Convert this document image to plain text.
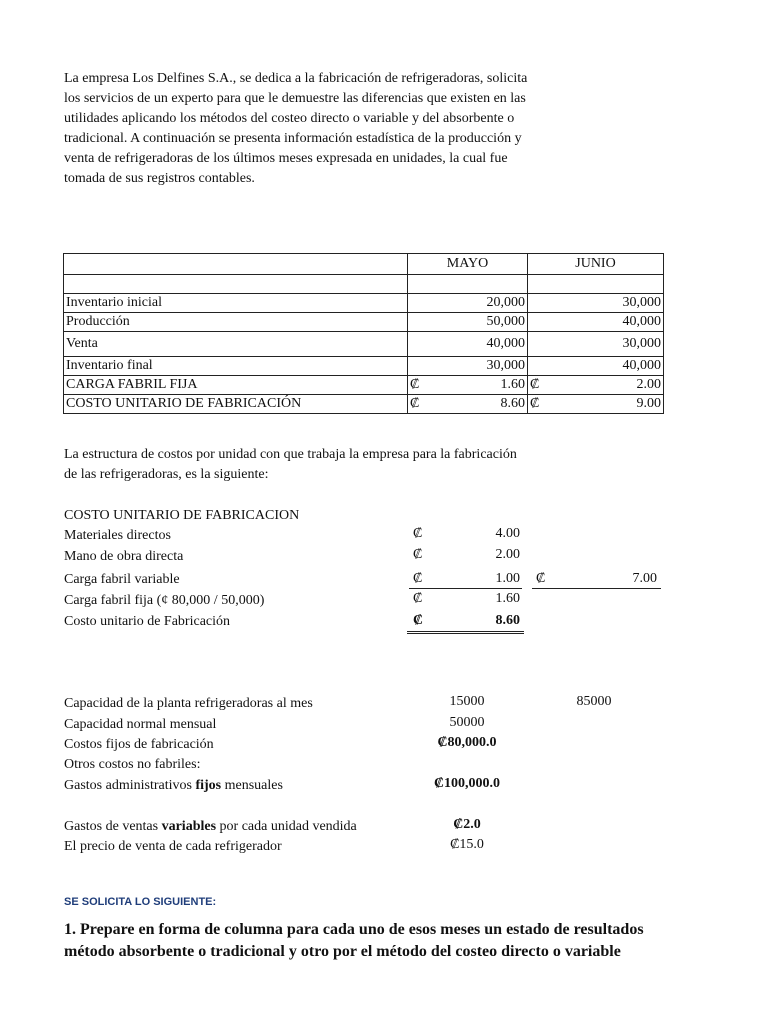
La empresa Los Delfines S.A., se dedica a la fabricación de refrigeradoras, solicita
los servicios de un experto para que le demuestre las diferencias que existen en las
utilidades aplicando los métodos del costeo directo o variable y del absorbente o
tradicional. A continuación se presenta información estadística de la producción y
venta de refrigeradoras de los últimos meses expresada en unidades, la cual fue
tomada de sus registros contables.
	MAYO	JUNIO

Inventario inicial	20,000	30,000
Producción	50,000	40,000
Venta	40,000	30,000
Inventario final	30,000	40,000
CARGA FABRIL FIJA	₡ 1.60	₡ 2.00

COSTO UNITARIO DE FABRICACIÓN	₡ 8.60	₡ 9.00
La estructura de costos por unidad con que trabaja la empresa para la fabricación
de las refrigeradoras, es la siguiente:
COSTO UNITARIO DE FABRICACION
Materiales directos	₡	4.00
Mano de obra directa	₡	2.00
Carga fabril variable	₡	1.00 ₡	7.00
Carga fabril fija (¢ 80,000 / 50,000)	₡	1.60
Costo unitario de Fabricación	₡	8.60
Capacidad de la planta refrigeradoras al mes	15000	85000
Capacidad normal mensual	50000
Costos fijos de fabricación	₡80,000.0
Otros costos no fabriles:
Gastos administrativos fijos mensuales	₡100,000.0
Gastos de ventas variables por cada unidad vendida	₡2.0
El precio de venta de cada refrigerador	₡15.0
SE SOLICITA LO SIGUIENTE:
1. Prepare en forma de columna para cada uno de esos meses un estado de resultados
método absorbente o tradicional y otro por el método del costeo directo o variable
